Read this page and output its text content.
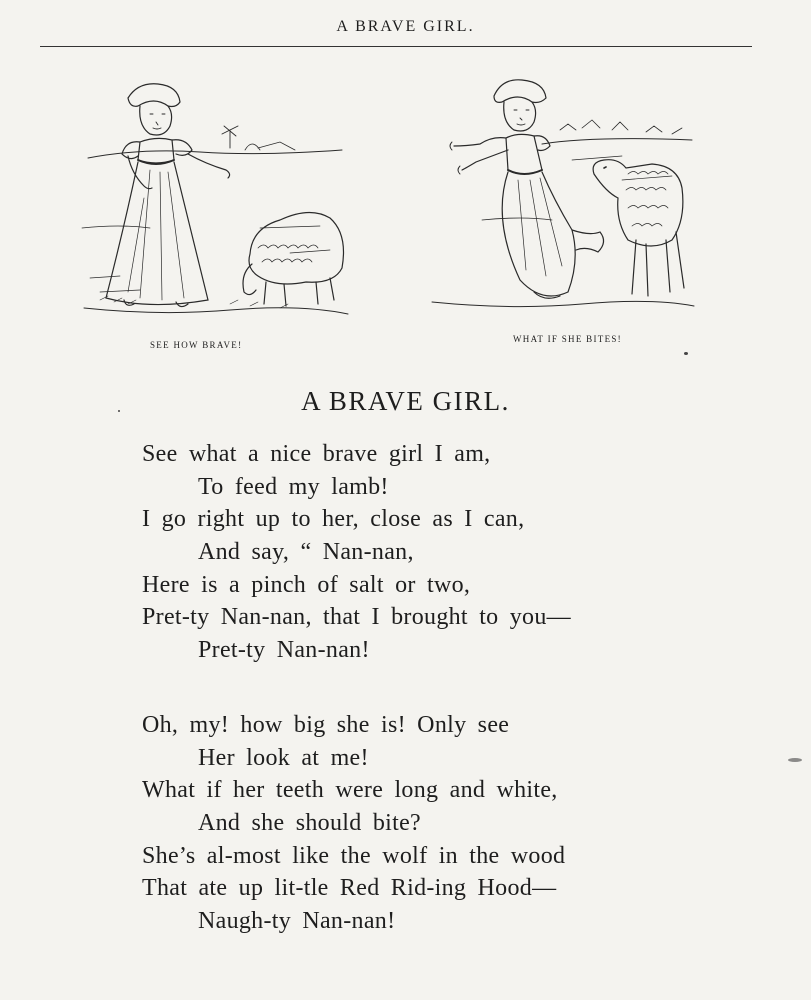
A BRAVE GIRL.
SEE HOW BRAVE!
WHAT IF SHE BITES!
A BRAVE GIRL.
See what a nice brave girl I am,
To feed my lamb!
I go right up to her, close as I can,
And say, “ Nan-nan,
Here is a pinch of salt or two,
Pret-ty Nan-nan, that I brought to you—
Pret-ty Nan-nan!
Oh, my! how big she is! Only see
Her look at me!
What if her teeth were long and white,
And she should bite?
She’s al-most like the wolf in the wood
That ate up lit-tle Red Rid-ing Hood—
Naugh-ty Nan-nan!
